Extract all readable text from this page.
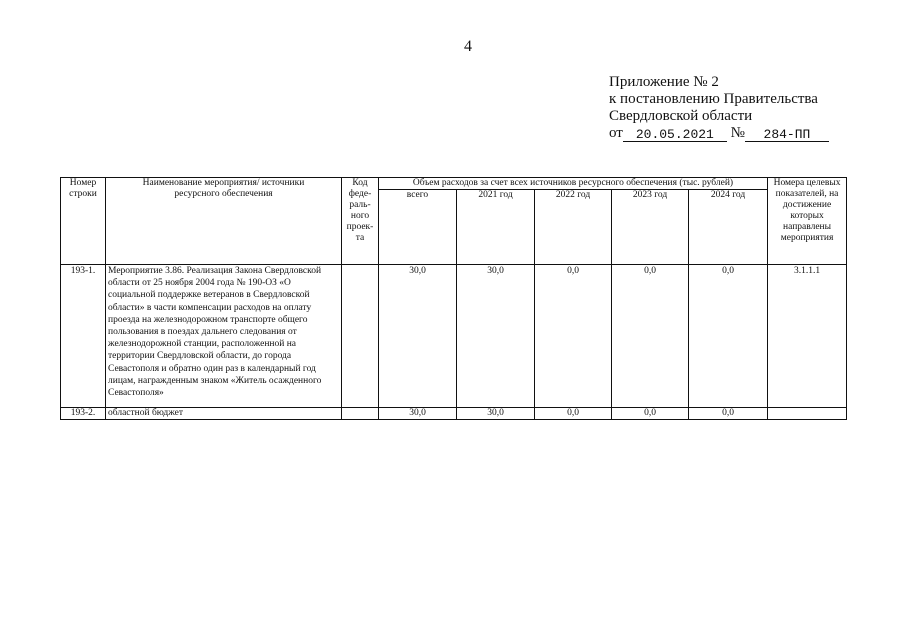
4
Приложение № 2
к постановлению Правительства
Свердловской области
от 20.05.2021 № 284-ПП
Номер строки	Наименование мероприятия/ источники ресурсного обеспечения	Код феде-раль-ного проек-та	Объем расходов за счет всех источников ресурсного обеспечения (тыс. рублей)					Номера целевых показателей, на достижение которых направлены мероприятия
			всего	2021 год	2022 год	2023 год	2024 год	
193-1.	Мероприятие 3.86. Реализация Закона Свердловской области от 25 ноября 2004 года № 190-ОЗ «О социальной поддержке ветеранов в Свердловской области» в части компенсации расходов на оплату проезда на железнодорожном транспорте общего пользования в поездах дальнего следования от железнодорожной станции, расположенной на территории Свердловской области, до города Севастополя и обратно один раз в календарный год лицам, награжденным знаком «Житель осажденного Севастополя»		30,0	30,0	0,0	0,0	0,0	3.1.1.1
193-2.	областной бюджет		30,0	30,0	0,0	0,0	0,0	
